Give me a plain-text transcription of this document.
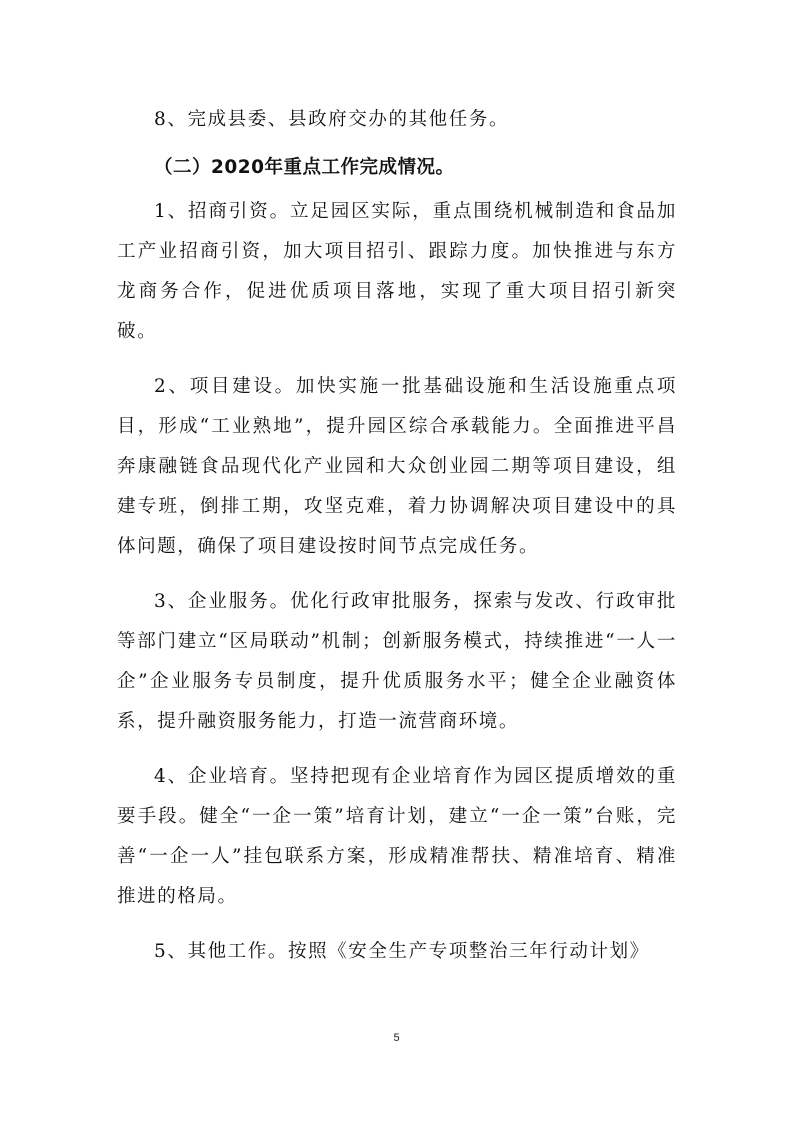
8、完成县委、县政府交办的其他任务。

（二）2020年重点工作完成情况。

1、招商引资。立足园区实际，重点围绕机械制造和食品加工产业招商引资，加大项目招引、跟踪力度。加快推进与东方龙商务合作，促进优质项目落地，实现了重大项目招引新突破。

2、项目建设。加快实施一批基础设施和生活设施重点项目，形成“工业熟地”，提升园区综合承载能力。全面推进平昌奔康融链食品现代化产业园和大众创业园二期等项目建设，组建专班，倒排工期，攻坚克难，着力协调解决项目建设中的具体问题，确保了项目建设按时间节点完成任务。

3、企业服务。优化行政审批服务，探索与发改、行政审批等部门建立“区局联动”机制；创新服务模式，持续推进“一人一企”企业服务专员制度，提升优质服务水平；健全企业融资体系，提升融资服务能力，打造一流营商环境。

4、企业培育。坚持把现有企业培育作为园区提质增效的重要手段。健全“一企一策”培育计划，建立“一企一策”台账，完善“一企一人”挂包联系方案，形成精准帮扶、精准培育、精准推进的格局。

5、其他工作。按照《安全生产专项整治三年行动计划》

5
